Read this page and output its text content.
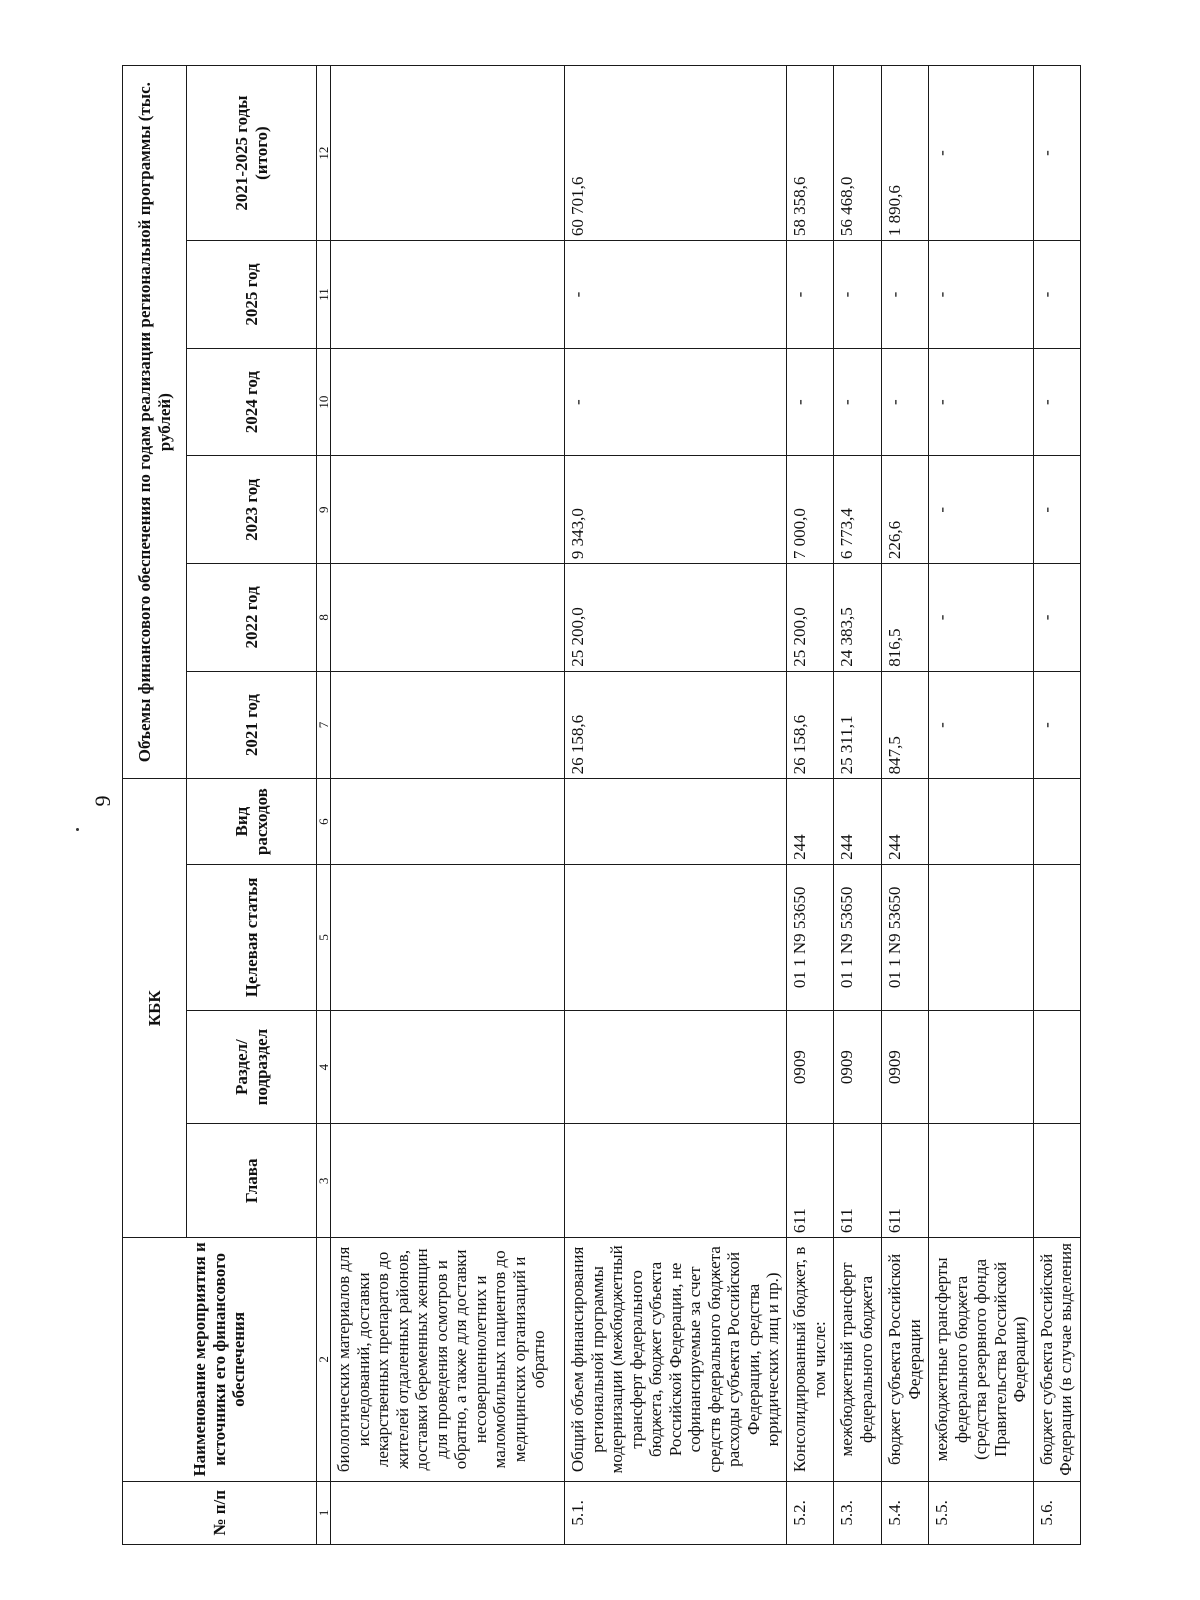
9
№ п/п	Наименование мероприятия и источники его финансового обеспечения	КБК				Объемы финансового обеспечения по годам реализации региональной программы (тыс. рублей)					
		Глава	Раздел/ подраздел	Целевая статья	Вид расходов	2021 год	2022 год	2023 год	2024 год	2025 год	2021-2025 годы (итого)
1	2	3	4	5	6	7	8	9	10	11	12
	биологических материалов для исследований, доставки лекарственных препаратов до жителей отдаленных районов, доставки беременных женщин для проведения осмотров и обратно, а также для доставки несовершеннолетних и маломобильных пациентов до медицинских организаций и обратно										
5.1.	Общий объем финансирования региональной программы модернизации (межбюджетный трансферт федерального бюджета, бюджет субъекта Российской Федерации, не софинансируемые за счет средств федерального бюджета расходы субъекта Российской Федерации, средства юридических лиц и пр.)					26 158,6	25 200,0	9 343,0	-	-	60 701,6
5.2.	Консолидированный бюджет, в том числе:	611	0909	01 1 N9 53650	244	26 158,6	25 200,0	7 000,0	-	-	58 358,6
5.3.	межбюджетный трансферт федерального бюджета	611	0909	01 1 N9 53650	244	25 311,1	24 383,5	6 773,4	-	-	56 468,0
5.4.	бюджет субъекта Российской Федерации	611	0909	01 1 N9 53650	244	847,5	816,5	226,6	-	-	1 890,6
5.5.	межбюджетные трансферты федерального бюджета (средства резервного фонда Правительства Российской Федерации)					-	-	-	-	-	-
5.6.	бюджет субъекта Российской Федерации (в случае выделения					-	-	-	-	-	-
